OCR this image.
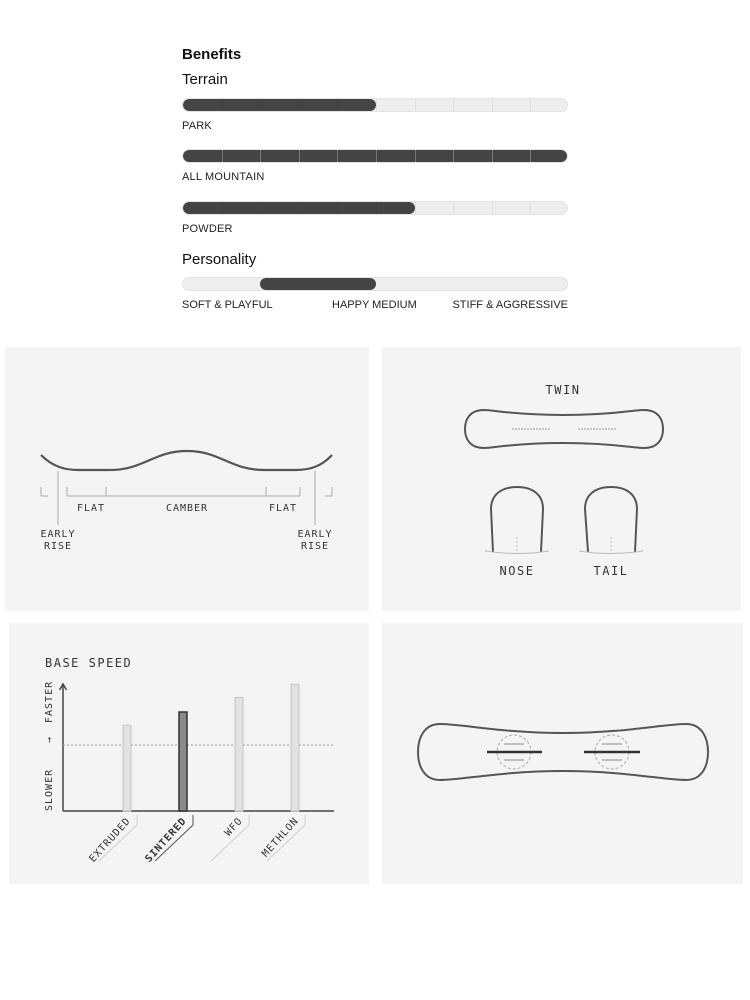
Benefits
Terrain
PARK
ALL MOUNTAIN
POWDER
Personality
SOFT & PLAYFUL	HAPPY MEDIUM	STIFF & AGGRESSIVE
FLAT	CAMBER	FLAT
EARLY
RISE
EARLY
RISE
TWIN
NOSE	TAIL
BASE SPEED
SLOWER
FASTER
→
EXTRUDED SINTERED	WFO METHLON
